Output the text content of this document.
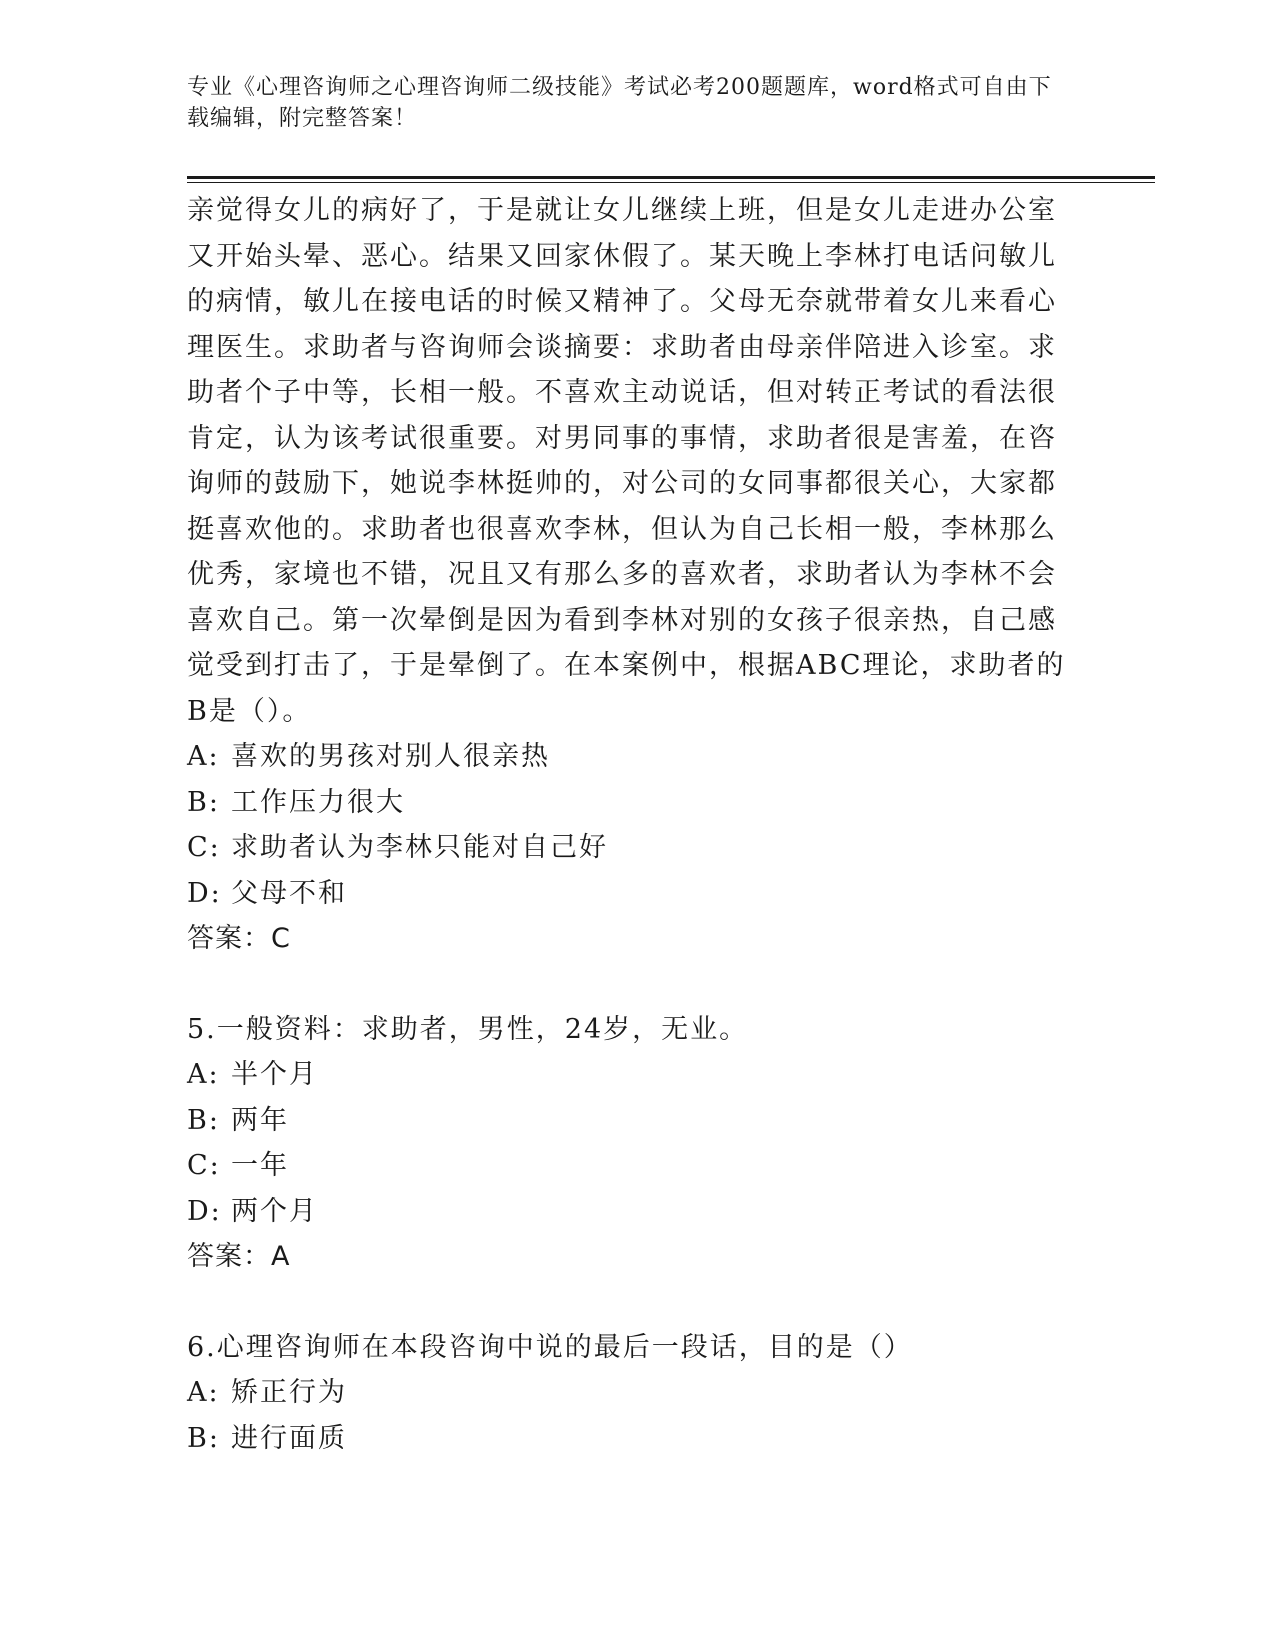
专业《心理咨询师之心理咨询师二级技能》考试必考200题题库，word格式可自由下载编辑，附完整答案！

亲觉得女儿的病好了，于是就让女儿继续上班，但是女儿走进办公室

又开始头晕、恶心。结果又回家休假了。某天晚上李林打电话问敏儿

的病情，敏儿在接电话的时候又精神了。父母无奈就带着女儿来看心

理医生。求助者与咨询师会谈摘要：求助者由母亲伴陪进入诊室。求

助者个子中等，长相一般。不喜欢主动说话，但对转正考试的看法很

肯定，认为该考试很重要。对男同事的事情，求助者很是害羞，在咨

询师的鼓励下，她说李林挺帅的，对公司的女同事都很关心，大家都

挺喜欢他的。求助者也很喜欢李林，但认为自己长相一般，李林那么

优秀，家境也不错，况且又有那么多的喜欢者，求助者认为李林不会

喜欢自己。第一次晕倒是因为看到李林对别的女孩子很亲热，自己感

觉受到打击了，于是晕倒了。在本案例中，根据ABC理论，求助者的

B是（）。

A: 喜欢的男孩对别人很亲热

B: 工作压力很大

C: 求助者认为李林只能对自己好

D: 父母不和

答案：C

5.一般资料：求助者，男性，24岁，无业。

A: 半个月

B: 两年

C: 一年

D: 两个月

答案：A

6.心理咨询师在本段咨询中说的最后一段话，目的是（）

A: 矫正行为

B: 进行面质
